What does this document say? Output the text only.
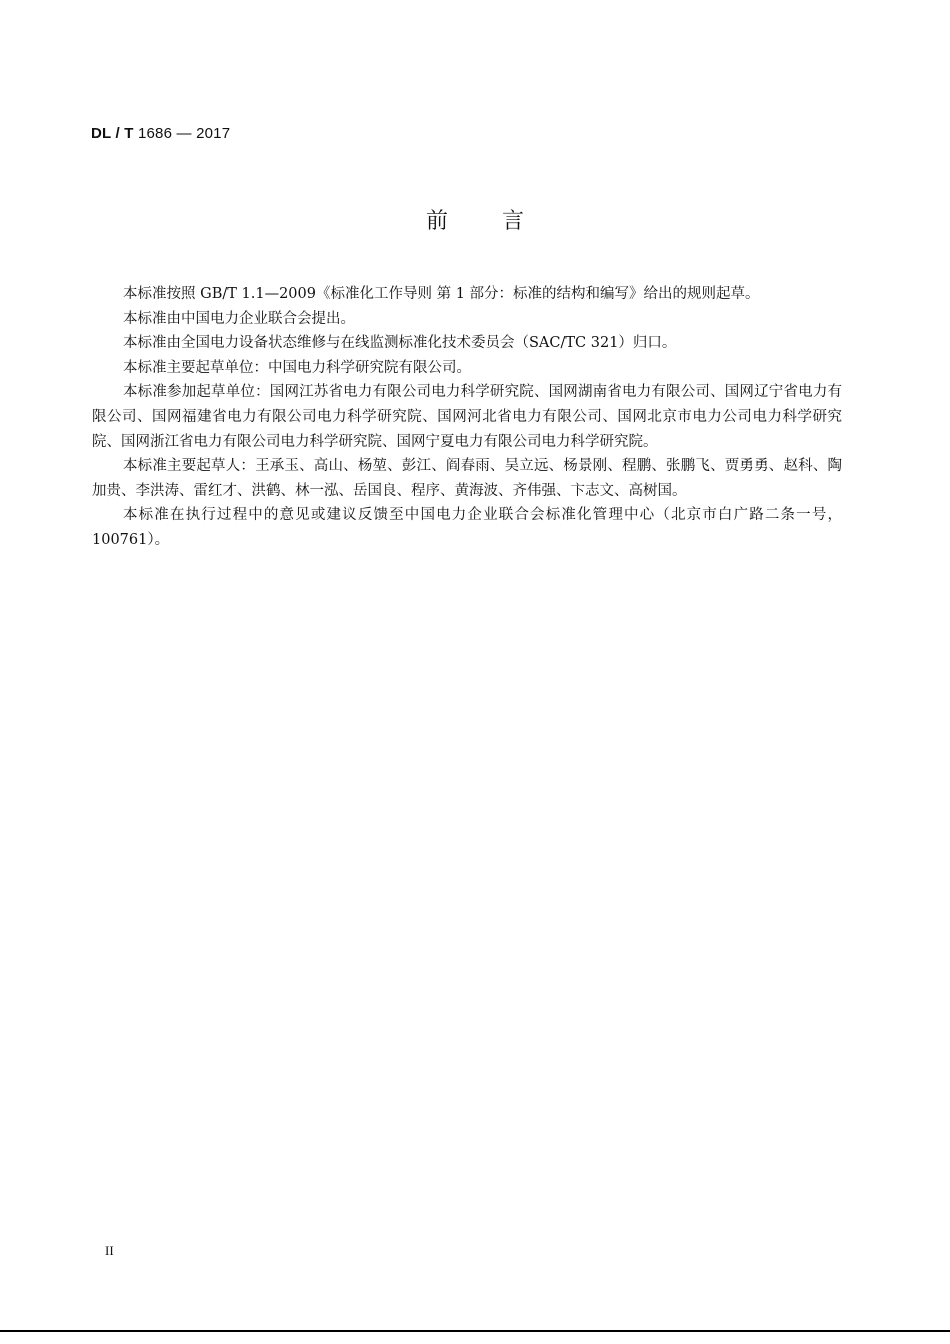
DL / T 1686 — 2017
前言

本标准按照 GB/T 1.1—2009《标准化工作导则 第 1 部分：标准的结构和编写》给出的规则起草。

本标准由中国电力企业联合会提出。

本标准由全国电力设备状态维修与在线监测标准化技术委员会（SAC/TC 321）归口。

本标准主要起草单位：中国电力科学研究院有限公司。

本标准参加起草单位：国网江苏省电力有限公司电力科学研究院、国网湖南省电力有限公司、国网辽宁省电力有限公司、国网福建省电力有限公司电力科学研究院、国网河北省电力有限公司、国网北京市电力公司电力科学研究院、国网浙江省电力有限公司电力科学研究院、国网宁夏电力有限公司电力科学研究院。

本标准主要起草人：王承玉、高山、杨堃、彭江、阎春雨、吴立远、杨景刚、程鹏、张鹏飞、贾勇勇、赵科、陶加贵、李洪涛、雷红才、洪鹤、林一泓、岳国良、程序、黄海波、齐伟强、卞志文、高树国。

本标准在执行过程中的意见或建议反馈至中国电力企业联合会标准化管理中心（北京市白广路二条一号，100761）。

II
